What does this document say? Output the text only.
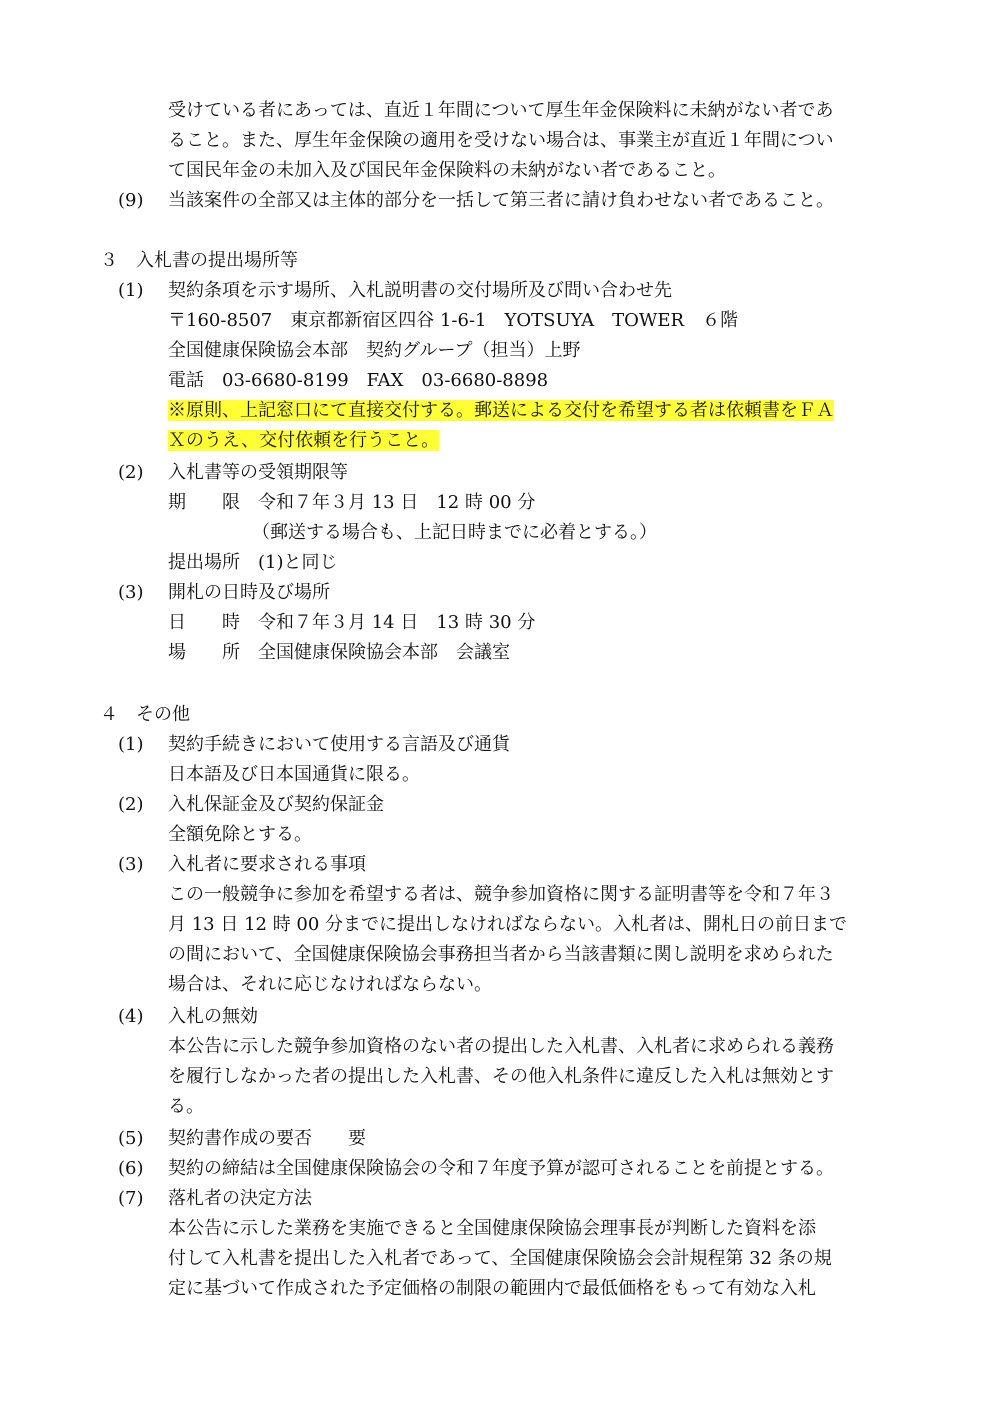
受けている者にあっては、直近１年間について厚生年金保険料に未納がない者であ
ること。また、厚生年金保険の適用を受けない場合は、事業主が直近１年間につい
て国民年金の未加入及び国民年金保険料の未納がない者であること。
(9) 当該案件の全部又は主体的部分を一括して第三者に請け負わせない者であること。
３　入札書の提出場所等
(1) 契約条項を示す場所、入札説明書の交付場所及び問い合わせ先
〒160-8507　東京都新宿区四谷 1-6-1　YOTSUYA　TOWER　６階
全国健康保険協会本部　契約グループ（担当）上野
電話　03-6680-8199　FAX　03-6680-8898
※原則、上記窓口にて直接交付する。郵送による交付を希望する者は依頼書をＦＡ
Ｘのうえ、交付依頼を行うこと。
(2) 入札書等の受領期限等
期　　限　令和７年３月 13 日　12 時 00 分
（郵送する場合も、上記日時までに必着とする。）
提出場所　(1)と同じ
(3) 開札の日時及び場所
日　　時　令和７年３月 14 日　13 時 30 分
場　　所　全国健康保険協会本部　会議室
４　その他
(1) 契約手続きにおいて使用する言語及び通貨
日本語及び日本国通貨に限る。
(2) 入札保証金及び契約保証金
全額免除とする。
(3) 入札者に要求される事項
この一般競争に参加を希望する者は、競争参加資格に関する証明書等を令和７年３
月 13 日 12 時 00 分までに提出しなければならない。入札者は、開札日の前日まで
の間において、全国健康保険協会事務担当者から当該書類に関し説明を求められた
場合は、それに応じなければならない。
(4) 入札の無効
本公告に示した競争参加資格のない者の提出した入札書、入札者に求められる義務
を履行しなかった者の提出した入札書、その他入札条件に違反した入札は無効とす
る。
(5) 契約書作成の要否　　要
(6) 契約の締結は全国健康保険協会の令和７年度予算が認可されることを前提とする。
(7) 落札者の決定方法
本公告に示した業務を実施できると全国健康保険協会理事長が判断した資料を添
付して入札書を提出した入札者であって、全国健康保険協会会計規程第 32 条の規
定に基づいて作成された予定価格の制限の範囲内で最低価格をもって有効な入札
